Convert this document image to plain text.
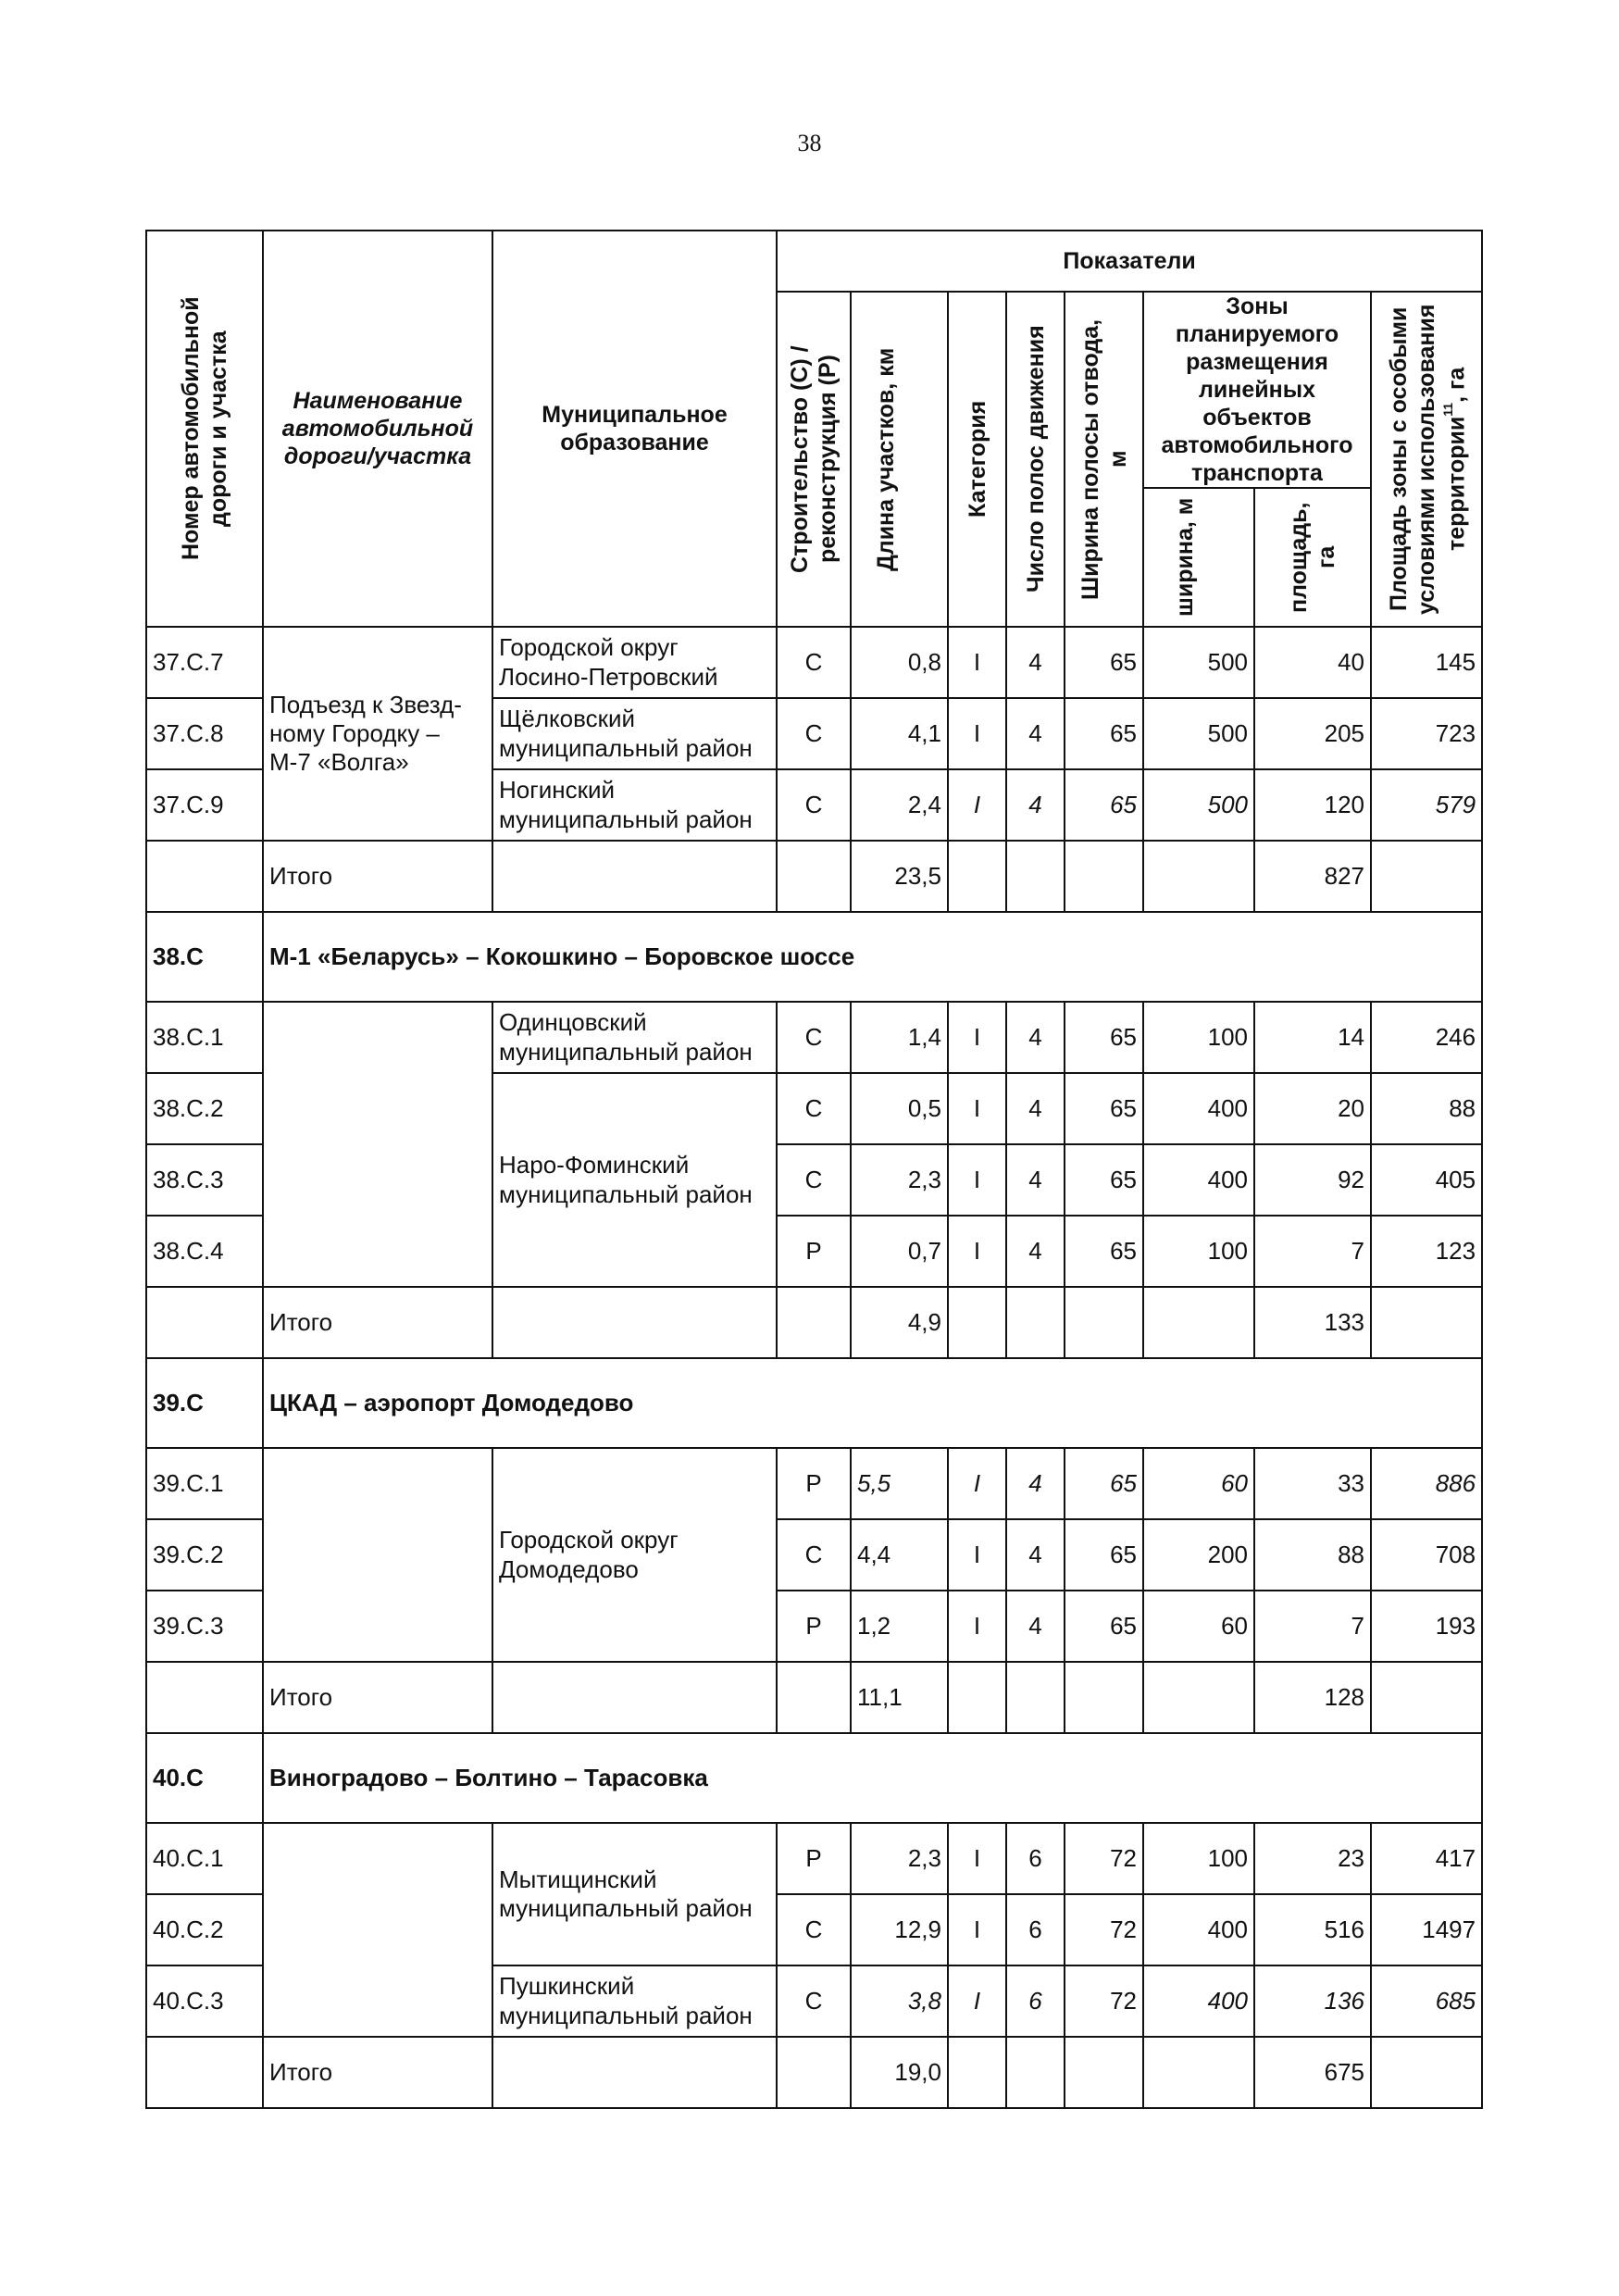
38
Номер автомобильной дороги и участка	Наименование автомобильной дороги/участка	Муниципальное образование	Показатели							

			Строительство (С) / реконструкция (Р)	Длина участков, км	Категория	Число полос движения	Ширина полосы отвода, м	Зоны планируемого размещения линейных объектов автомобильного транспорта		Площадь зоны с особыми условиями использования территории$^{11}$, га

								ширина, м	площадь, га	

37.С.7	Подъезд к Звезд-ному Городку – М-7 «Волга»	Городской округ Лосино-Петровский	С	0,8	I	4	65	500	40	145
37.С.8		Щёлковский муниципальный район	С	4,1	I	4	65	500	205	723
37.С.9		Ногинский муниципальный район	С	2,4	I	4	65	500	120	579
	Итого			23,5					827	
38.С	М-1 «Беларусь» – Кокошкино – Боровское шоссе									
38.С.1		Одинцовский муниципальный район	С	1,4	I	4	65	100	14	246
38.С.2		Наро-Фоминский муниципальный район	С	0,5	I	4	65	400	20	88
38.С.3			С	2,3	I	4	65	400	92	405
38.С.4			Р	0,7	I	4	65	100	7	123
	Итого			4,9					133	
39.С	ЦКАД – аэропорт Домодедово									
39.С.1		Городской округ Домодедово	Р	5,5	I	4	65	60	33	886
39.С.2			С	4,4	I	4	65	200	88	708
39.С.3			Р	1,2	I	4	65	60	7	193
	Итого			11,1					128	
40.С	Виноградово – Болтино – Тарасовка									
40.С.1		Мытищинский муниципальный район	Р	2,3	I	6	72	100	23	417
40.С.2			С	12,9	I	6	72	400	516	1497
40.С.3		Пушкинский муниципальный район	С	3,8	I	6	72	400	136	685
	Итого			19,0					675	
